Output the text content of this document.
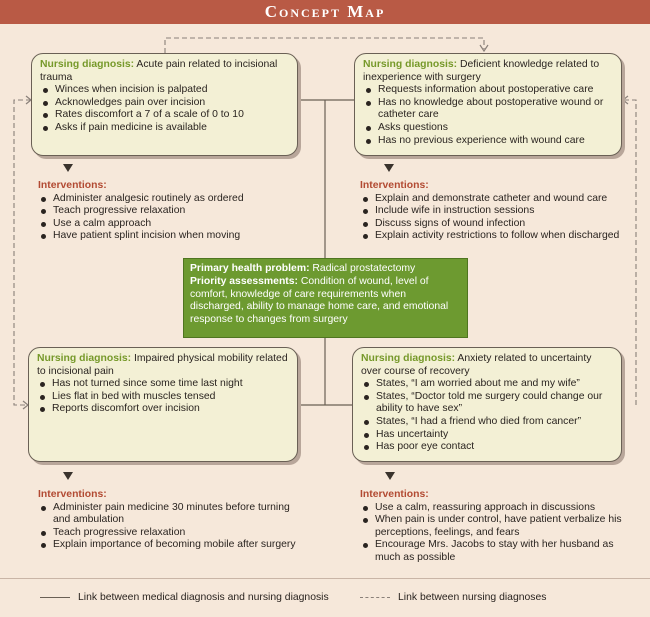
Concept Map
Nursing diagnosis: Acute pain related to incisional trauma
Winces when incision is palpated
Acknowledges pain over incision
Rates discomfort a 7 of a scale of 0 to 10
Asks if pain medicine is available
Nursing diagnosis: Deficient knowledge related to inexperience with surgery
Requests information about postoperative care
Has no knowledge about postoperative wound or catheter care
Asks questions
Has no previous experience with wound care
Interventions:
Administer analgesic routinely as ordered
Teach progressive relaxation
Use a calm approach
Have patient splint incision when moving
Interventions:
Explain and demonstrate catheter and wound care
Include wife in instruction sessions
Discuss signs of wound infection
Explain activity restrictions to follow when discharged
Primary health problem: Radical prostatectomy
Priority assessments: Condition of wound, level of comfort, knowledge of care requirements when discharged, ability to manage home care, and emotional response to changes from surgery
Nursing diagnosis: Impaired physical mobility related to incisional pain
Has not turned since some time last night
Lies flat in bed with muscles tensed
Reports discomfort over incision
Nursing diagnosis: Anxiety related to uncertainty over course of recovery
States, “I am worried about me and my wife”
States, “Doctor told me surgery could change our ability to have sex”
States, “I had a friend who died from cancer”
Has uncertainty
Has poor eye contact
Interventions:
Administer pain medicine 30 minutes before turning and ambulation
Teach progressive relaxation
Explain importance of becoming mobile after surgery
Interventions:
Use a calm, reassuring approach in discussions
When pain is under control, have patient verbalize his perceptions, feelings, and fears
Encourage Mrs. Jacobs to stay with her husband as much as possible
Link between medical diagnosis and nursing diagnosis	Link between nursing diagnoses
